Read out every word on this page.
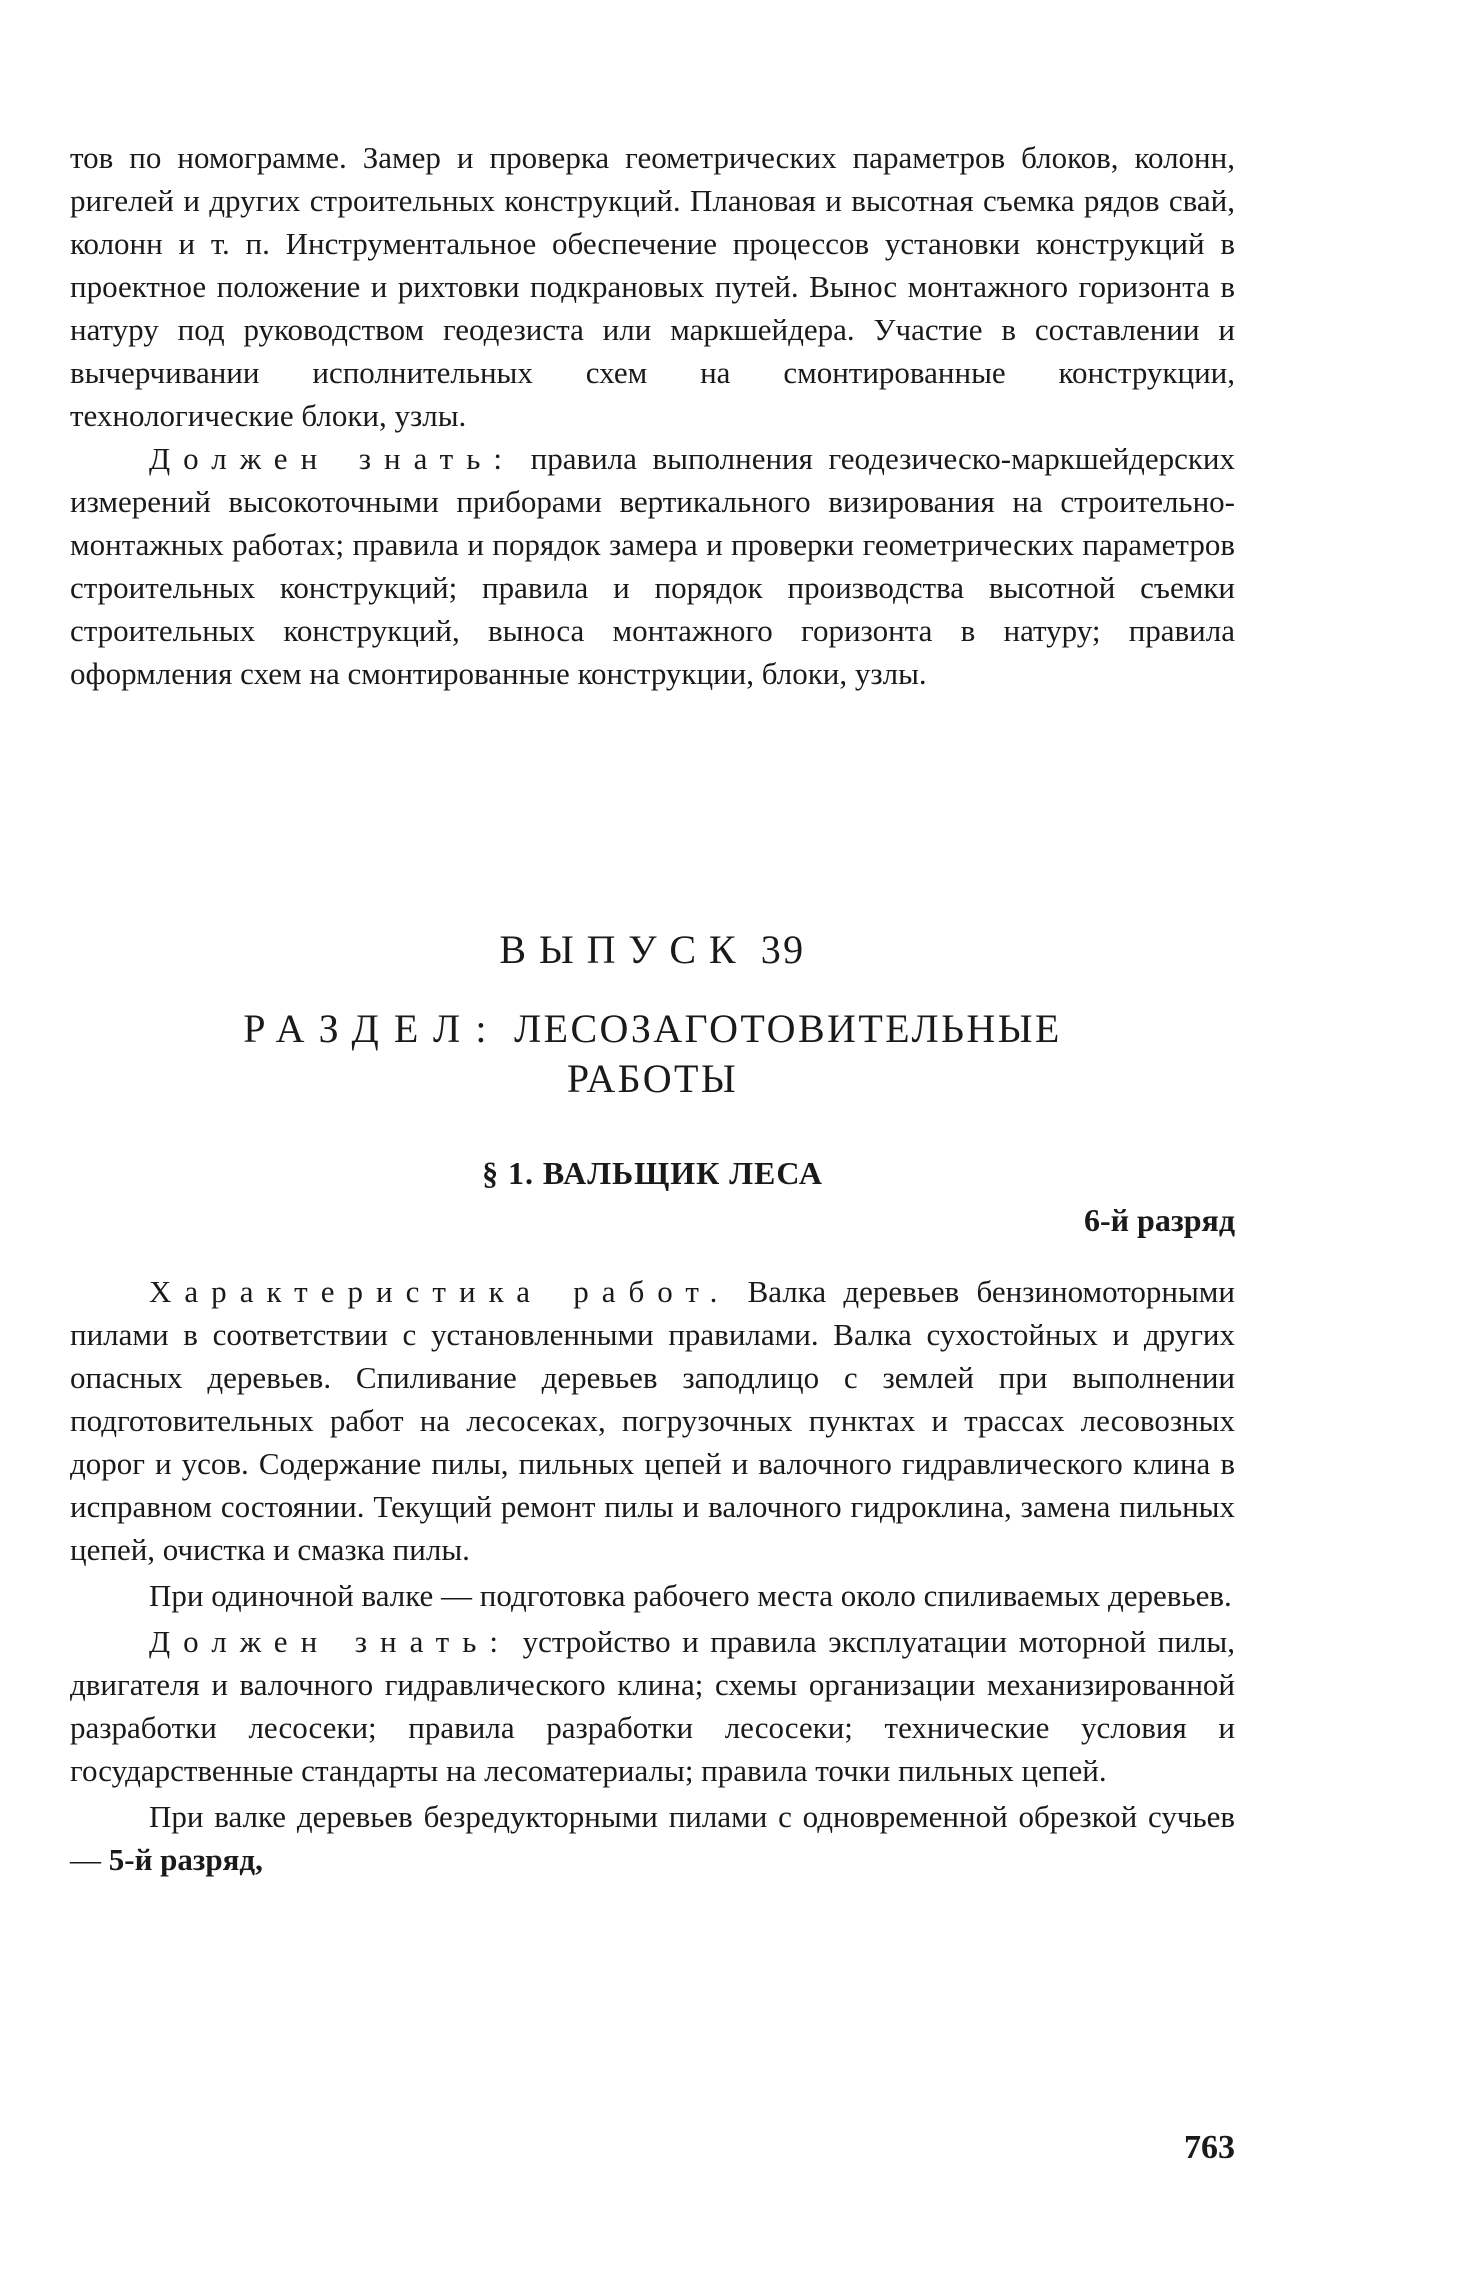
тов по номограмме. Замер и проверка геометрических параметров блоков, колонн, ригелей и других строительных конструкций. Плановая и высотная съемка рядов свай, колонн и т. п. Инструментальное обеспечение процессов установки конструкций в проектное положение и рихтовки подкрановых путей. Вынос монтажного горизонта в натуру под руководством геодезиста или маркшейдера. Участие в составлении и вычерчивании исполнительных схем на смонтированные конструкции, технологические блоки, узлы.

Должен знать: правила выполнения геодезическо-маркшейдерских измерений высокоточными приборами вертикального визирования на строительно-монтажных работах; правила и порядок замера и проверки геометрических параметров строительных конструкций; правила и порядок производства высотной съемки строительных конструкций, выноса монтажного горизонта в натуру; правила оформления схем на смонтированные конструкции, блоки, узлы.

ВЫПУСК 39
РАЗДЕЛ: ЛЕСОЗАГОТОВИТЕЛЬНЫЕ
РАБОТЫ
§ 1. ВАЛЬЩИК ЛЕСА
6-й разряд

Характеристика работ. Валка деревьев бензиномоторными пилами в соответствии с установленными правилами. Валка сухостойных и других опасных деревьев. Спиливание деревьев заподлицо с землей при выполнении подготовительных работ на лесосеках, погрузочных пунктах и трассах лесовозных дорог и усов. Содержание пилы, пильных цепей и валочного гидравлического клина в исправном состоянии. Текущий ремонт пилы и валочного гидроклина, замена пильных цепей, очистка и смазка пилы.

При одиночной валке — подготовка рабочего места около спиливаемых деревьев.

Должен знать: устройство и правила эксплуатации моторной пилы, двигателя и валочного гидравлического клина; схемы организации механизированной разработки лесосеки; правила разработки лесосеки; технические условия и государственные стандарты на лесоматериалы; правила точки пильных цепей.

При валке деревьев безредукторными пилами с одновременной обрезкой сучьев — 5-й разряд,

763
